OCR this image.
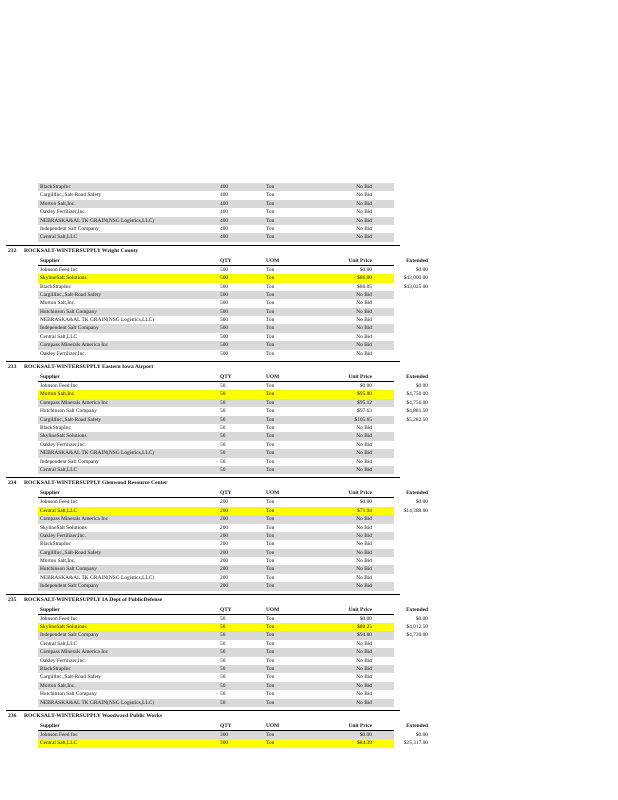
BlackStrapInc	400	Ton	No Bid
CargillInc.,Salt-Road Safety	400	Ton	No Bid
Morton Salt,Inc.	400	Ton	No Bid
Oakley Fertilizer,Inc.	400	Ton	No Bid
NEBRASKA&AL TK GRAIN(NSG Logistics,LLC)	400	Ton	No Bid
Independent Salt Company	400	Ton	No Bid
Central Salt,LLC	400	Ton	No Bid
232 ROCKSALT-WINTERSUPPLY Wright County
Supplier	QTY	UOM	Unit Price	Extended
Johnson Feed Inc	500	Ton	$0.00	$0.00
SkylineSalt Solutions	500	Ton	$86.00	$43,000.00
BlackStrapInc	500	Ton	$86.05	$43,025.00
CargillInc.,Salt-Road Safety	500	Ton	No Bid
Morton Salt,Inc.	500	Ton	No Bid
Hutchinson Salt Company	500	Ton	No Bid
NEBRASKA&AL TK GRAIN(NSG Logistics,LLC)	500	Ton	No Bid
Independent Salt Company	500	Ton	No Bid
Central Salt,LLC	500	Ton	No Bid
Compass Minerals America Inc	500	Ton	No Bid
Oakley Fertilizer,Inc.	500	Ton	No Bid
233 ROCKSALT-WINTERSUPPLY Eastern Iowa Airport
Supplier	QTY	UOM	Unit Price	Extended
Johnson Feed Inc	50	Ton	$0.00	$0.00
Morton Salt,Inc.	50	Ton	$95.00	$4,750.00
Compass Minerals America Inc	50	Ton	$95.12	$4,756.00
Hutchinson Salt Company	50	Ton	$97.63	$4,881.50
CargillInc.,Salt-Road Safety	50	Ton	$105.65	$5,282.50
BlackStrapInc	50	Ton	No Bid
SkylineSalt Solutions	50	Ton	No Bid
Oakley Fertilizer,Inc.	50	Ton	No Bid
NEBRASKA&AL TK GRAIN(NSG Logistics,LLC)	50	Ton	No Bid
Independent Salt Company	50	Ton	No Bid
Central Salt,LLC	50	Ton	No Bid
234 ROCKSALT-WINTERSUPPLY Glenwood Resource Center
Supplier	QTY	UOM	Unit Price	Extended
Johnson Feed Inc	200	Ton	$0.00	$0.00
Central Salt,LLC	200	Ton	$71.94	$14,388.00
Compass Minerals America Inc	200	Ton	No Bid
SkylineSalt Solutions	200	Ton	No Bid
Oakley Fertilizer,Inc.	200	Ton	No Bid
BlackStrapInc	200	Ton	No Bid
CargillInc.,Salt-Road Safety	200	Ton	No Bid
Morton Salt,Inc.	200	Ton	No Bid
Hutchinson Salt Company	200	Ton	No Bid
NEBRASKA&AL TK GRAIN(NSG Logistics,LLC)	200	Ton	No Bid
Independent Salt Company	200	Ton	No Bid
235 ROCKSALT-WINTERSUPPLY IA Dept of PublicDefense
Supplier	QTY	UOM	Unit Price	Extended
Johnson Feed Inc	50	Ton	$0.00	$0.00
SkylineSalt Solutions	50	Ton	$80.25	$4,012.50
Independent Salt Company	50	Ton	$94.60	$4,730.00
Central Salt,LLC	50	Ton	No Bid
Compass Minerals America Inc	50	Ton	No Bid
Oakley Fertilizer,Inc.	50	Ton	No Bid
BlackStrapInc	50	Ton	No Bid
CargillInc.,Salt-Road Safety	50	Ton	No Bid
Morton Salt,Inc.	50	Ton	No Bid
Hutchinson Salt Company	50	Ton	No Bid
NEBRASKA&AL TK GRAIN(NSG Logistics,LLC)	50	Ton	No Bid
236 ROCKSALT-WINTERSUPPLY Woodward Public Works
Supplier	QTY	UOM	Unit Price	Extended
Johnson Feed Inc	300	Ton	$0.00	$0.00
Central Salt,LLC	300	Ton	$84.39	$25,317.00
